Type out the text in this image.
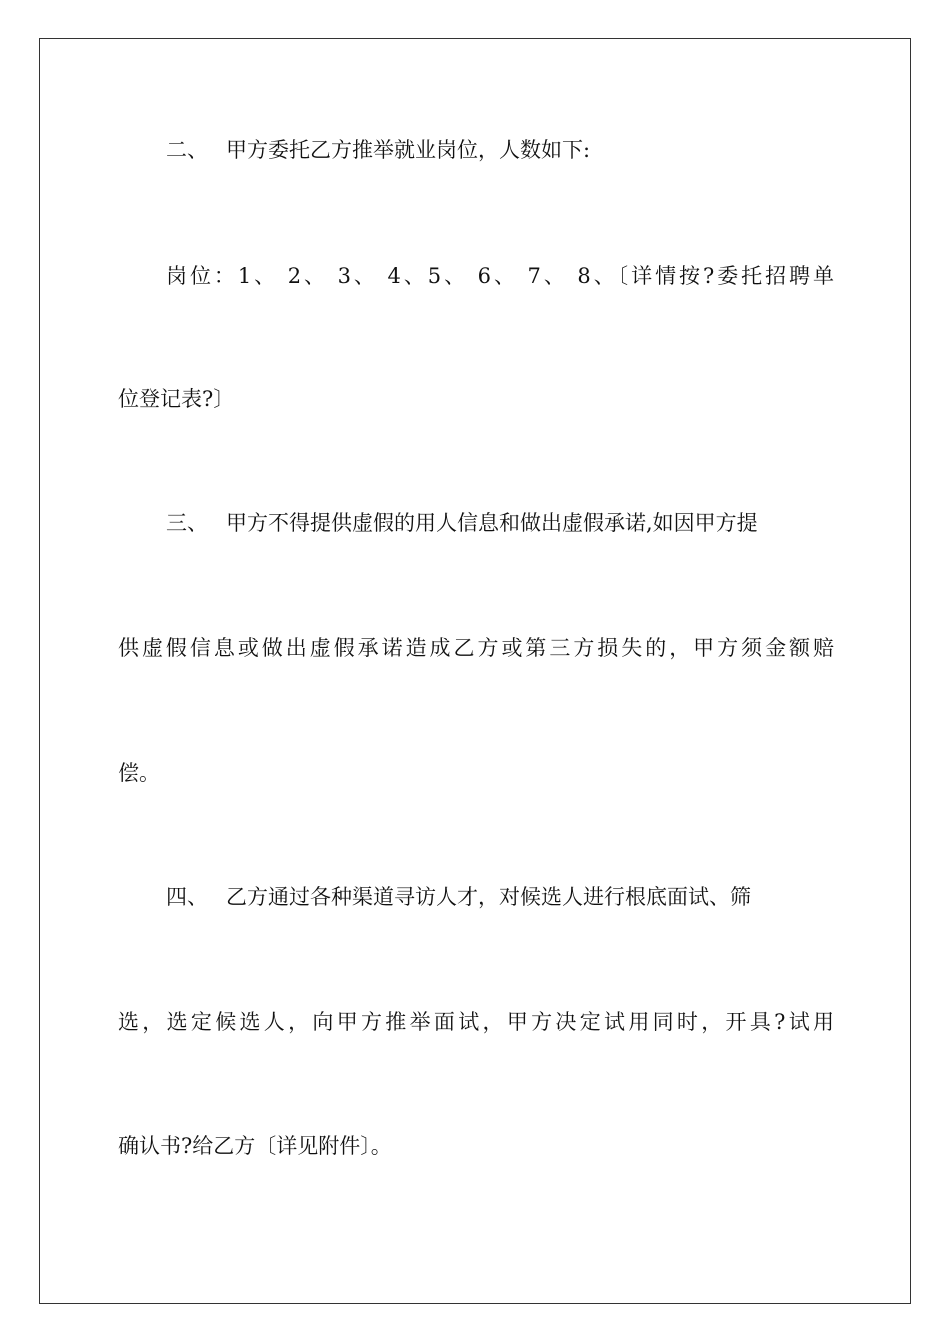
二、 甲方委托乙方推举就业岗位，人数如下:
岗位：1、 2、 3、 4、5、 6、 7、 8、〔详情按?委托招聘单
位登记表?〕
三、 甲方不得提供虚假的用人信息和做出虚假承诺,如因甲方提
供虚假信息或做出虚假承诺造成乙方或第三方损失的，甲方须金额赔
偿。
四、 乙方通过各种渠道寻访人才，对候选人进行根底面试、筛
选，选定候选人，向甲方推举面试，甲方决定试用同时，开具?试用
确认书?给乙方〔详见附件〕。
